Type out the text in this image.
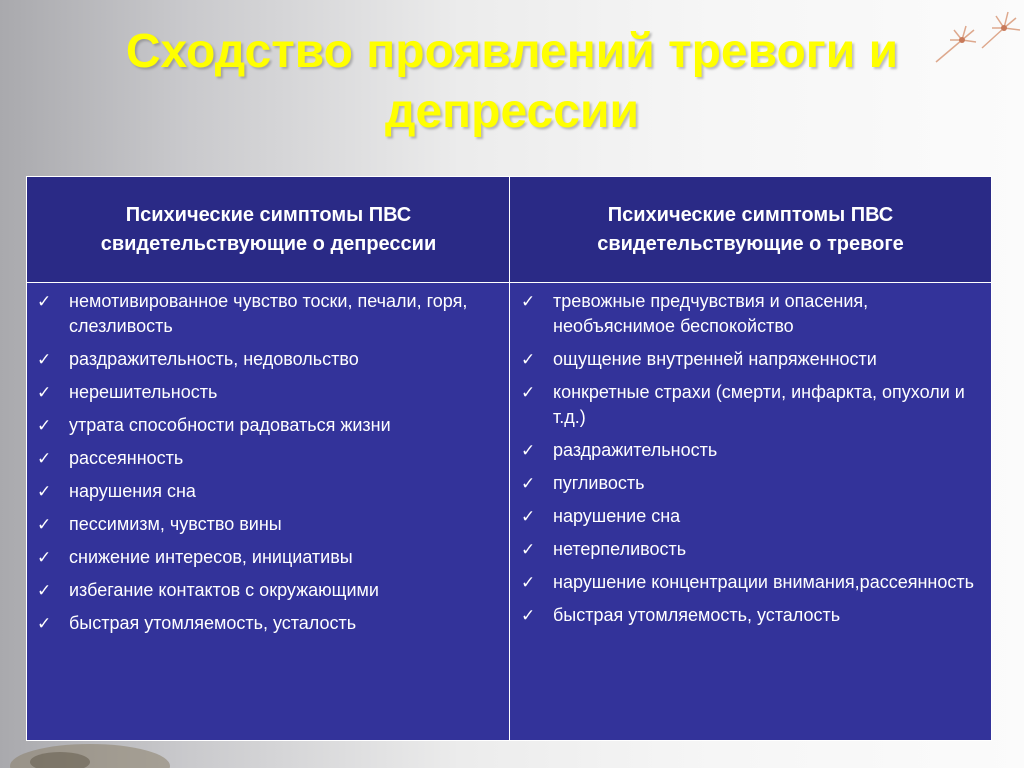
Сходство проявлений тревоги и депрессии
Психические симптомы ПВС свидетельствующие о депрессии
Психические симптомы ПВС свидетельствующие о тревоге
✓ немотивированное чувство тоски, печали, горя, слезливость
✓ раздражительность, недовольство
✓ нерешительность
✓ утрата способности радоваться жизни
✓ рассеянность
✓ нарушения сна
✓ пессимизм, чувство вины
✓ снижение интересов, инициативы
✓ избегание контактов с окружающими
✓ быстрая утомляемость, усталость
✓ тревожные предчувствия и опасения, необъяснимое беспокойство
✓ ощущение внутренней напряженности
✓ конкретные страхи (смерти, инфаркта, опухоли и т.д.)
✓ раздражительность
✓ пугливость
✓ нарушение сна
✓ нетерпеливость
✓ нарушение концентрации внимания,рассеянность
✓ быстрая утомляемость, усталость
